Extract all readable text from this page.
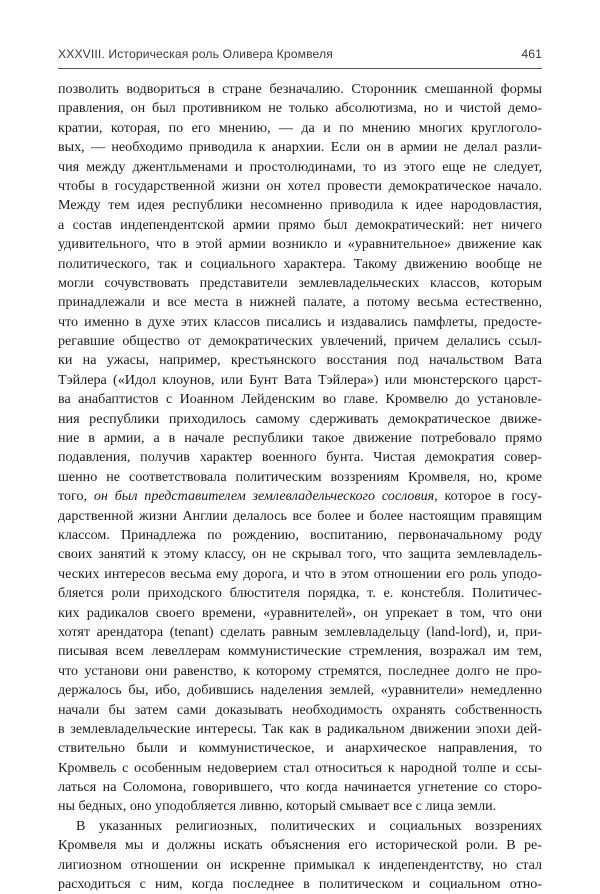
XXXVIII. Историческая роль Оливера Кромвеля	461
позволить водвориться в стране безначалию. Сторонник смешанной формы
правления, он был противником не только абсолютизма, но и чистой демо-
кратии, которая, по его мнению, — да и по мнению многих круглоголо-
вых, — необходимо приводила к анархии. Если он в армии не делал разли-
чия между джентльменами и простолюдинами, то из этого еще не следует,
чтобы в государственной жизни он хотел провести демократическое начало.
Между тем идея республики несомненно приводила к идее народовластия,
а состав индепендентской армии прямо был демократический: нет ничего
удивительного, что в этой армии возникло и «уравнительное» движение как
политического, так и социального характера. Такому движению вообще не
могли сочувствовать представители землевладельческих классов, которым
принадлежали и все места в нижней палате, а потому весьма естественно,
что именно в духе этих классов писались и издавались памфлеты, предосте-
регавшие общество от демократических увлечений, причем делались ссыл-
ки на ужасы, например, крестьянского восстания под начальством Вата
Тэйлера («Идол клоунов, или Бунт Вата Тэйлера») или мюнстерского царст-
ва анабаптистов с Иоанном Лейденским во главе. Кромвелю до установле-
ния республики приходилось самому сдерживать демократическое движе-
ние в армии, а в начале республики такое движение потребовало прямо
подавления, получив характер военного бунта. Чистая демократия совер-
шенно не соответствовала политическим воззрениям Кромвеля, но, кроме
того, он был представителем землевладельческого сословия, которое в госу-
дарственной жизни Англии делалось все более и более настоящим правящим
классом. Принадлежа по рождению, воспитанию, первоначальному роду
своих занятий к этому классу, он не скрывал того, что защита землевладель-
ческих интересов весьма ему дорога, и что в этом отношении его роль уподо-
бляется роли приходского блюстителя порядка, т. е. констебля. Политичес-
ких радикалов своего времени, «уравнителей», он упрекает в том, что они
хотят арендатора (tenant) сделать равным землевладельцу (land-lord), и, при-
писывая всем левеллерам коммунистические стремления, возражал им тем,
что установи они равенство, к которому стремятся, последнее долго не про-
держалось бы, ибо, добившись наделения землей, «уравнители» немедленно
начали бы затем сами доказывать необходимость охранять собственность
в землевладельческие интересы. Так как в радикальном движении эпохи дей-
ствительно были и коммунистическое, и анархическое направления, то
Кромвель с особенным недоверием стал относиться к народной толпе и ссы-
латься на Соломона, говорившего, что когда начинается угнетение со сторо-
ны бедных, оно уподобляется ливню, который смывает все с лица земли.
В указанных религиозных, политических и социальных воззрениях
Кромвеля мы и должны искать объяснения его исторической роли. В ре-
лигиозном отношении он искренне примыкал к индепендентству, но стал
расходиться с ним, когда последнее в политическом и социальном отно-
